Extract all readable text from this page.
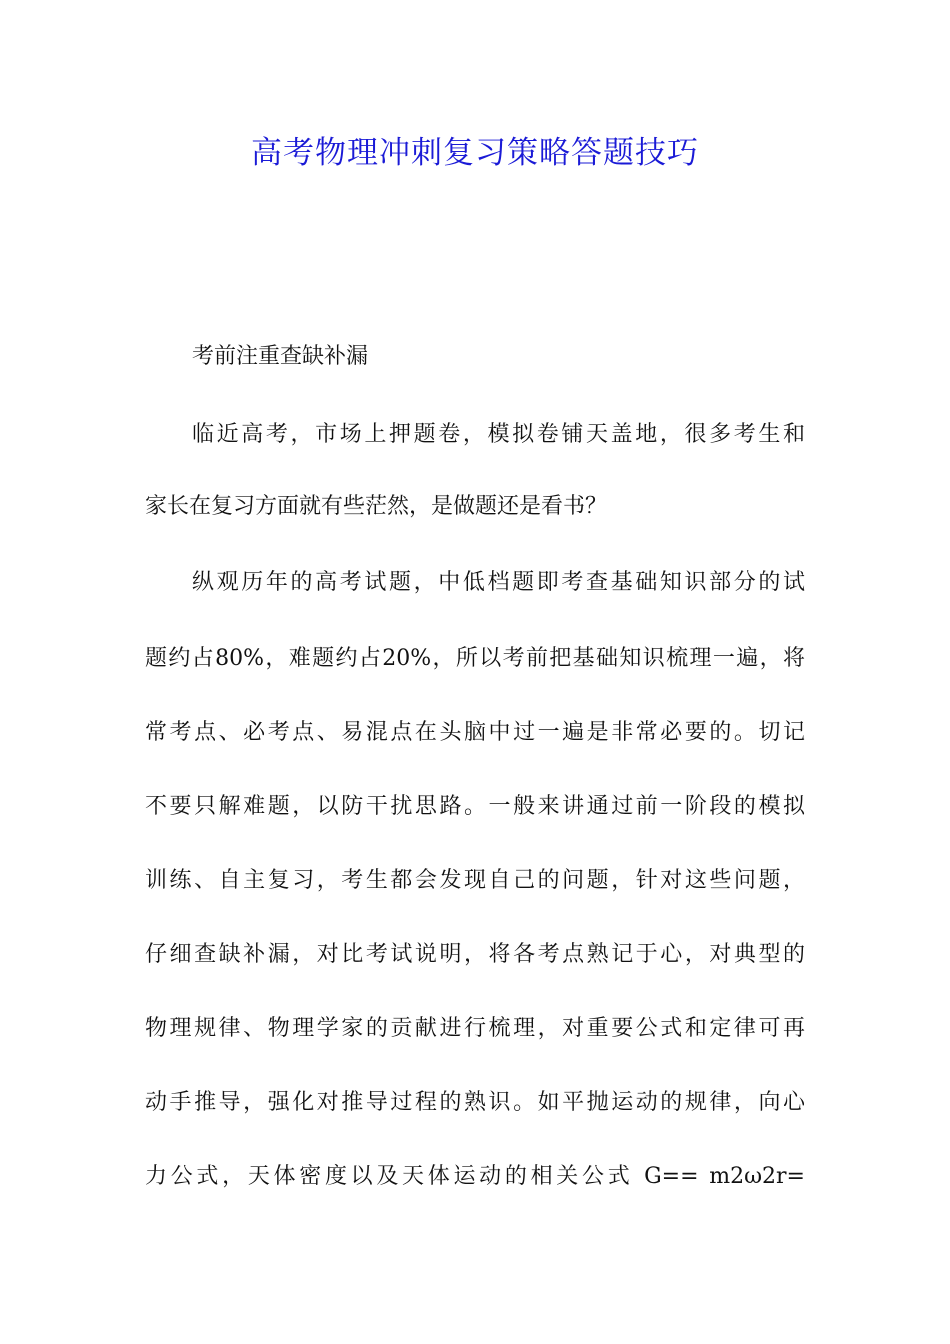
高考物理冲刺复习策略答题技巧
考前注重查缺补漏
临近高考，市场上押题卷，模拟卷铺天盖地，很多考生和
家长在复习方面就有些茫然，是做题还是看书？
纵观历年的高考试题，中低档题即考查基础知识部分的试
题约占80%，难题约占20%，所以考前把基础知识梳理一遍，将
常考点、必考点、易混点在头脑中过一遍是非常必要的。切记
不要只解难题，以防干扰思路。一般来讲通过前一阶段的模拟
训练、自主复习，考生都会发现自己的问题，针对这些问题，
仔细查缺补漏，对比考试说明，将各考点熟记于心，对典型的
物理规律、物理学家的贡献进行梳理，对重要公式和定律可再
动手推导，强化对推导过程的熟识。如平抛运动的规律，向心
力公式，天体密度以及天体运动的相关公式 G== m2ω2r=
